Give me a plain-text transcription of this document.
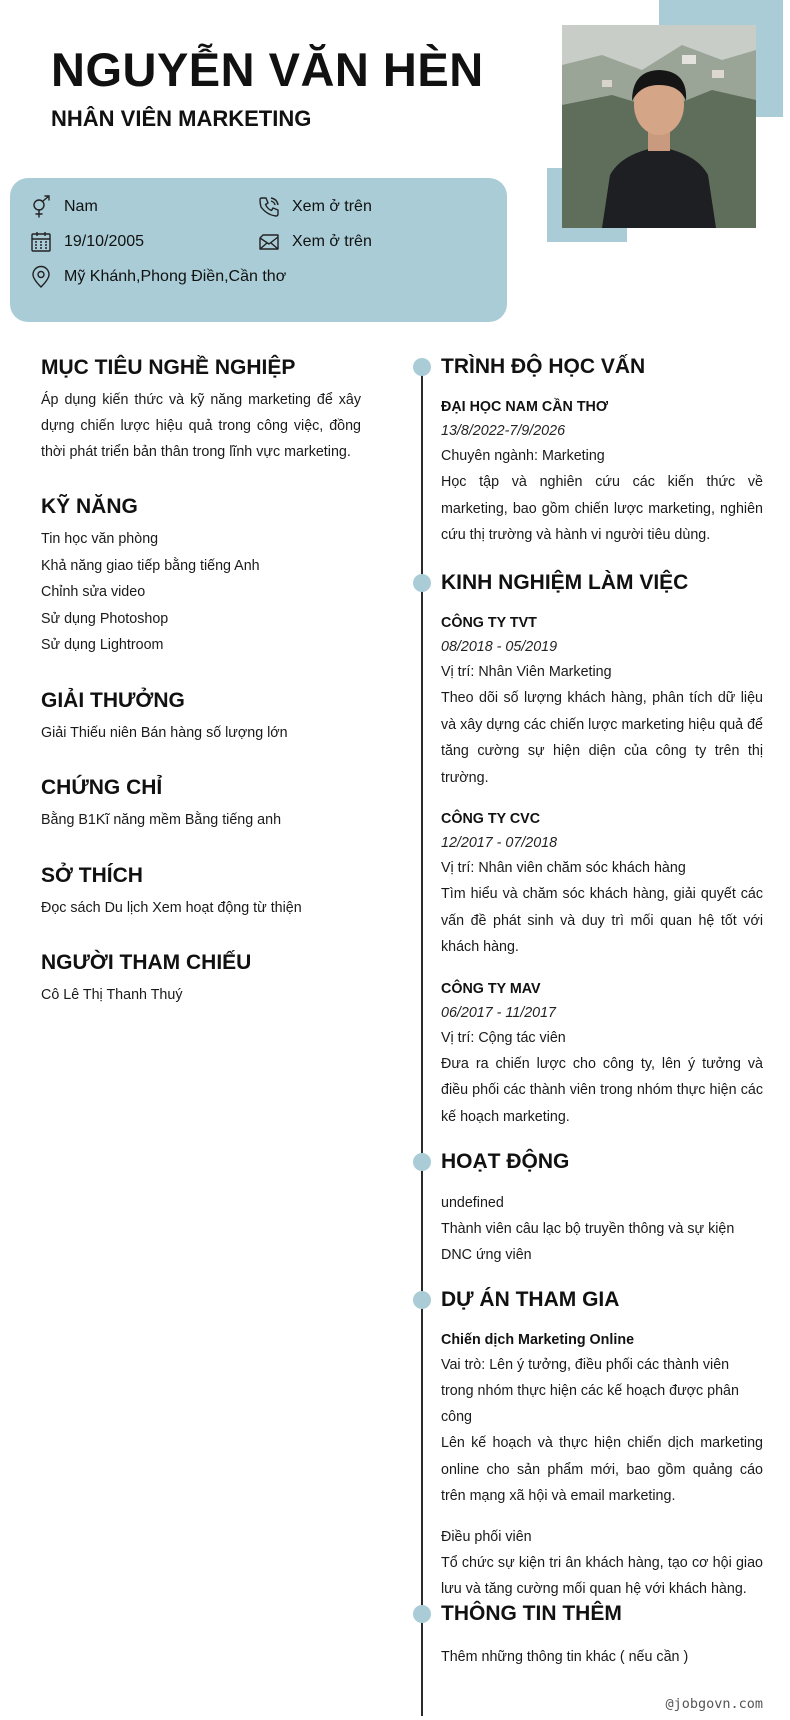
NGUYỄN VĂN HÈN
NHÂN VIÊN MARKETING
Nam	Xem ở trên
19/10/2005	Xem ở trên
Mỹ Khánh,Phong Điền,Cần thơ
MỤC TIÊU NGHỀ NGHIỆP
Áp dụng kiến thức và kỹ năng marketing để xây dựng chiến lược hiệu quả trong công việc, đồng thời phát triển bản thân trong lĩnh vực marketing.
KỸ NĂNG
Tin học văn phòng
Khả năng giao tiếp bằng tiếng Anh
Chỉnh sửa video
Sử dụng Photoshop
Sử dụng Lightroom
GIẢI THƯỞNG
Giải Thiếu niên Bán hàng số lượng lớn
CHỨNG CHỈ
Bằng B1Kĩ năng mềm Bằng tiếng anh
SỞ THÍCH
Đọc sách Du lịch Xem hoạt động từ thiện
NGƯỜI THAM CHIẾU
Cô Lê Thị Thanh Thuý
TRÌNH ĐỘ HỌC VẤN
ĐẠI HỌC NAM CẦN THƠ
13/8/2022-7/9/2026
Chuyên ngành: Marketing
Học tập và nghiên cứu các kiến thức về marketing, bao gồm chiến lược marketing, nghiên cứu thị trường và hành vi người tiêu dùng.
KINH NGHIỆM LÀM VIỆC
CÔNG TY TVT
08/2018 - 05/2019
Vị trí: Nhân Viên Marketing
Theo dõi số lượng khách hàng, phân tích dữ liệu và xây dựng các chiến lược marketing hiệu quả để tăng cường sự hiện diện của công ty trên thị trường.
CÔNG TY CVC
12/2017 - 07/2018
Vị trí: Nhân viên chăm sóc khách hàng
Tìm hiểu và chăm sóc khách hàng, giải quyết các vấn đề phát sinh và duy trì mối quan hệ tốt với khách hàng.
CÔNG TY MAV
06/2017 - 11/2017
Vị trí: Cộng tác viên
Đưa ra chiến lược cho công ty, lên ý tưởng và điều phối các thành viên trong nhóm thực hiện các kế hoạch marketing.
HOẠT ĐỘNG
undefined
Thành viên câu lạc bộ truyền thông và sự kiện DNC ứng viên
DỰ ÁN THAM GIA
Chiến dịch Marketing Online
Vai trò: Lên ý tưởng, điều phối các thành viên trong nhóm thực hiện các kế hoạch được phân công
Lên kế hoạch và thực hiện chiến dịch marketing online cho sản phẩm mới, bao gồm quảng cáo trên mạng xã hội và email marketing.
Điều phối viên
Tổ chức sự kiện tri ân khách hàng, tạo cơ hội giao lưu và tăng cường mối quan hệ với khách hàng.
THÔNG TIN THÊM
Thêm những thông tin khác ( nếu cần )
@jobgovn.com
